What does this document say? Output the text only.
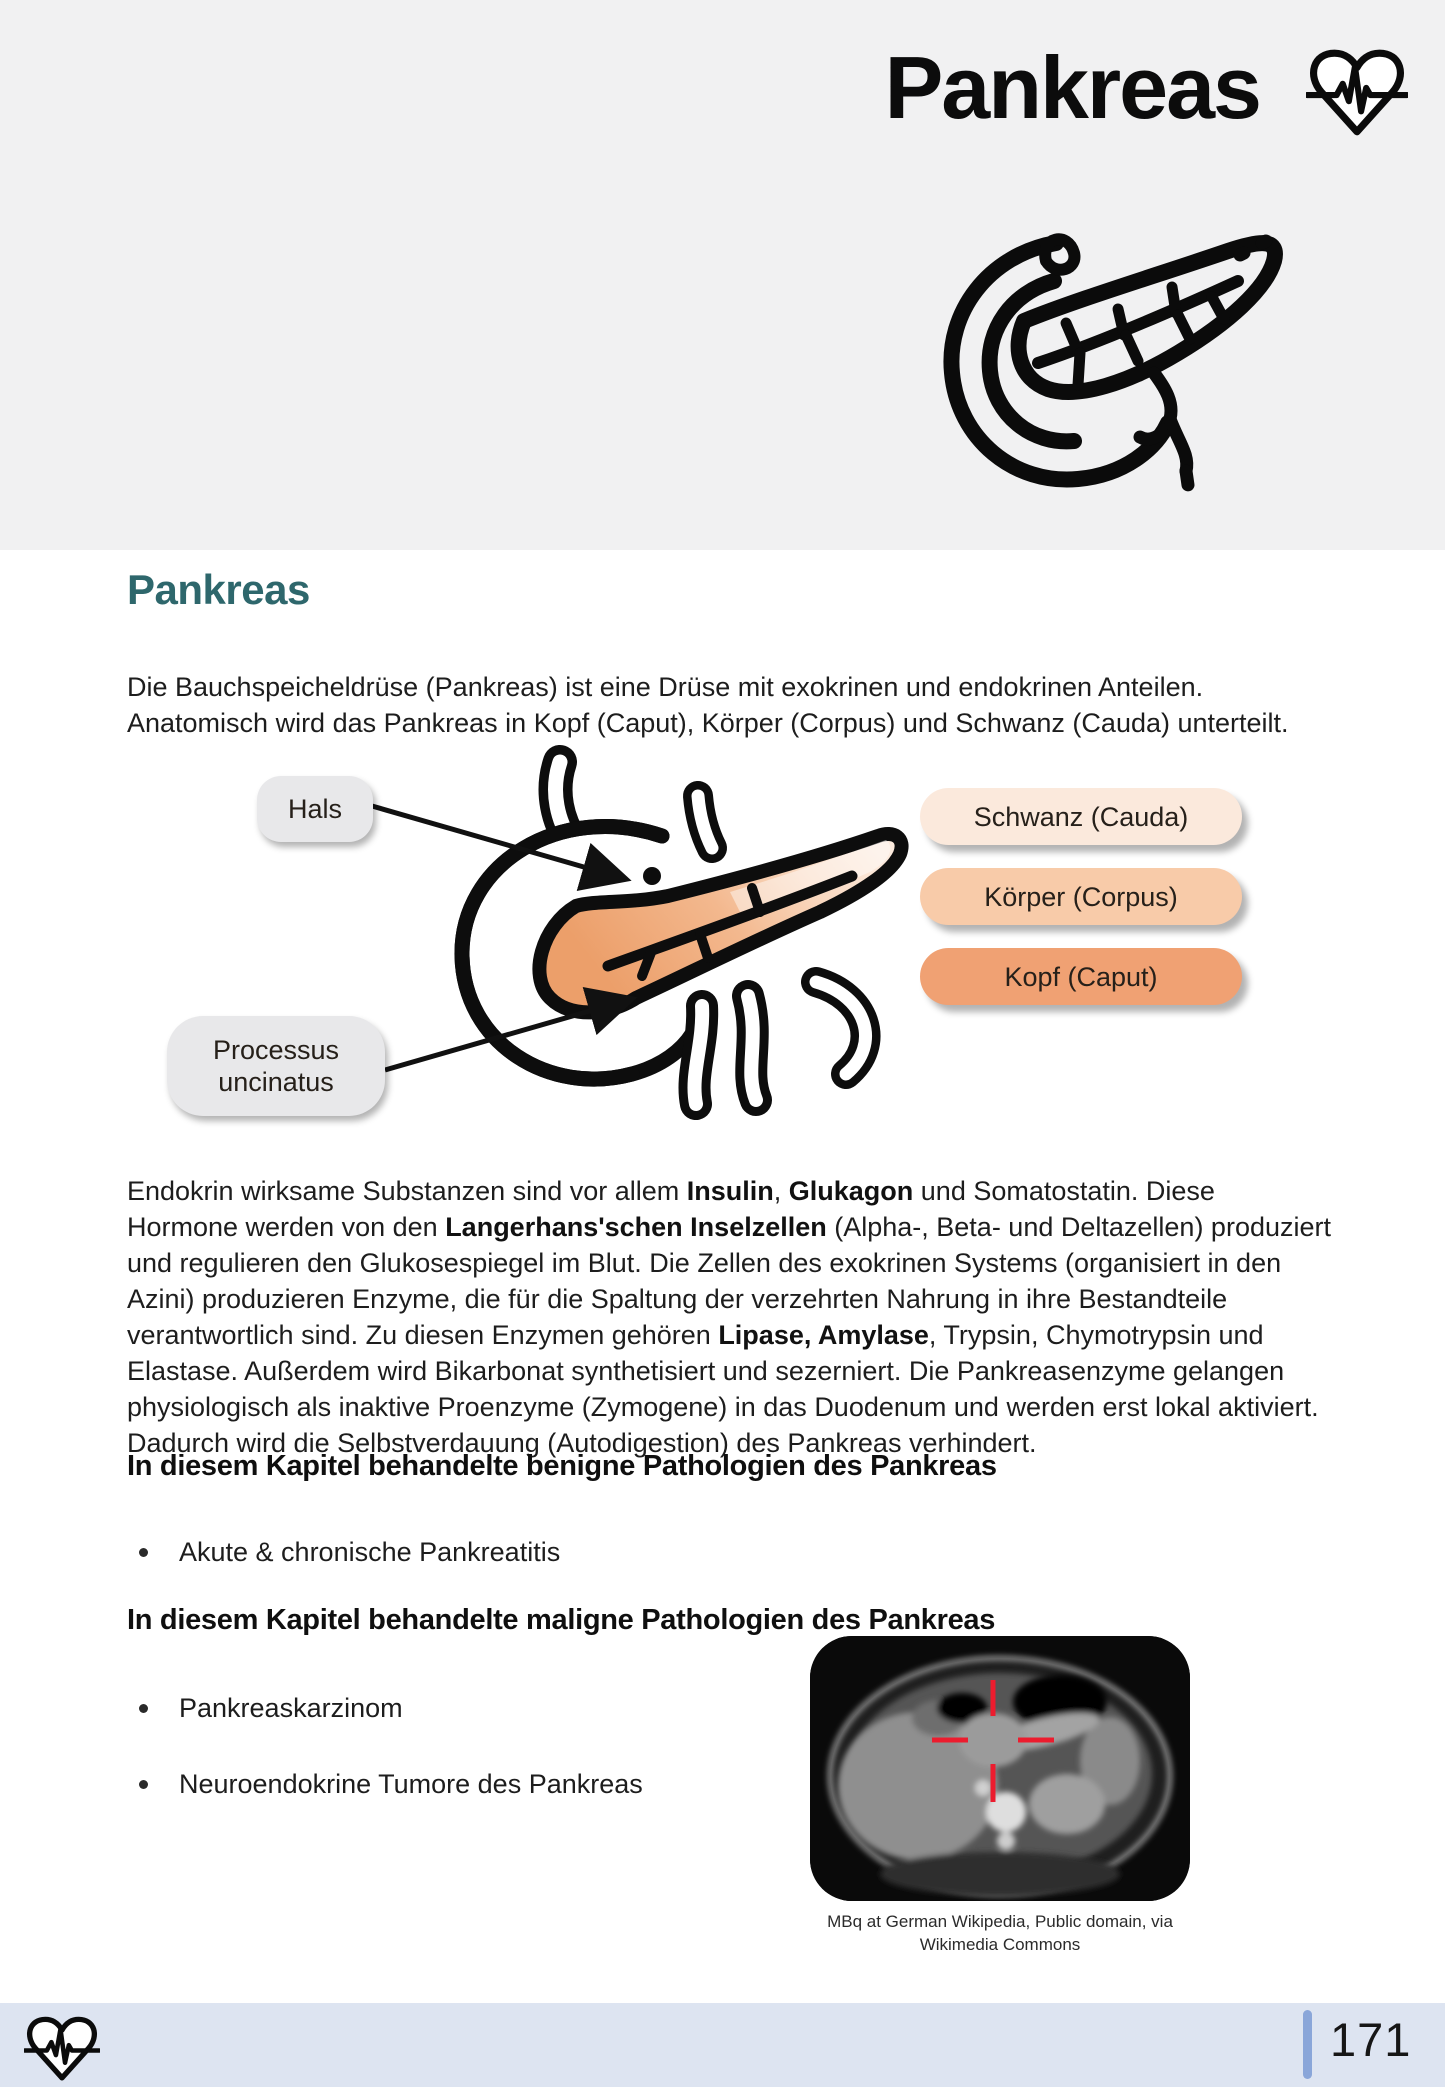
Pankreas
Pankreas

Die Bauchspeicheldrüse (Pankreas) ist eine Drüse mit exokrinen und endokrinen Anteilen. Anatomisch wird das Pankreas in Kopf (Caput), Körper (Corpus) und Schwanz (Cauda) unterteilt.

Hals
Processus uncinatus
Schwanz (Cauda)
Körper (Corpus)
Kopf (Caput)

Endokrin wirksame Substanzen sind vor allem Insulin, Glukagon und Somatostatin. Diese Hormone werden von den Langerhans'schen Inselzellen (Alpha-, Beta- und Deltazellen) produziert und regulieren den Glukosespiegel im Blut. Die Zellen des exokrinen Systems (organisiert in den Azini) produzieren Enzyme, die für die Spaltung der verzehrten Nahrung in ihre Bestandteile verantwortlich sind. Zu diesen Enzymen gehören Lipase, Amylase, Trypsin, Chymotrypsin und Elastase. Außerdem wird Bikarbonat synthetisiert und sezerniert. Die Pankreasenzyme gelangen physiologisch als inaktive Proenzyme (Zymogene) in das Duodenum und werden erst lokal aktiviert. Dadurch wird die Selbstverdauung (Autodigestion) des Pankreas verhindert.

In diesem Kapitel behandelte benigne Pathologien des Pankreas
Akute & chronische Pankreatitis
In diesem Kapitel behandelte maligne Pathologien des Pankreas
Pankreaskarzinom
Neuroendokrine Tumore des Pankreas
MBq at German Wikipedia, Public domain, via
Wikimedia Commons
171
